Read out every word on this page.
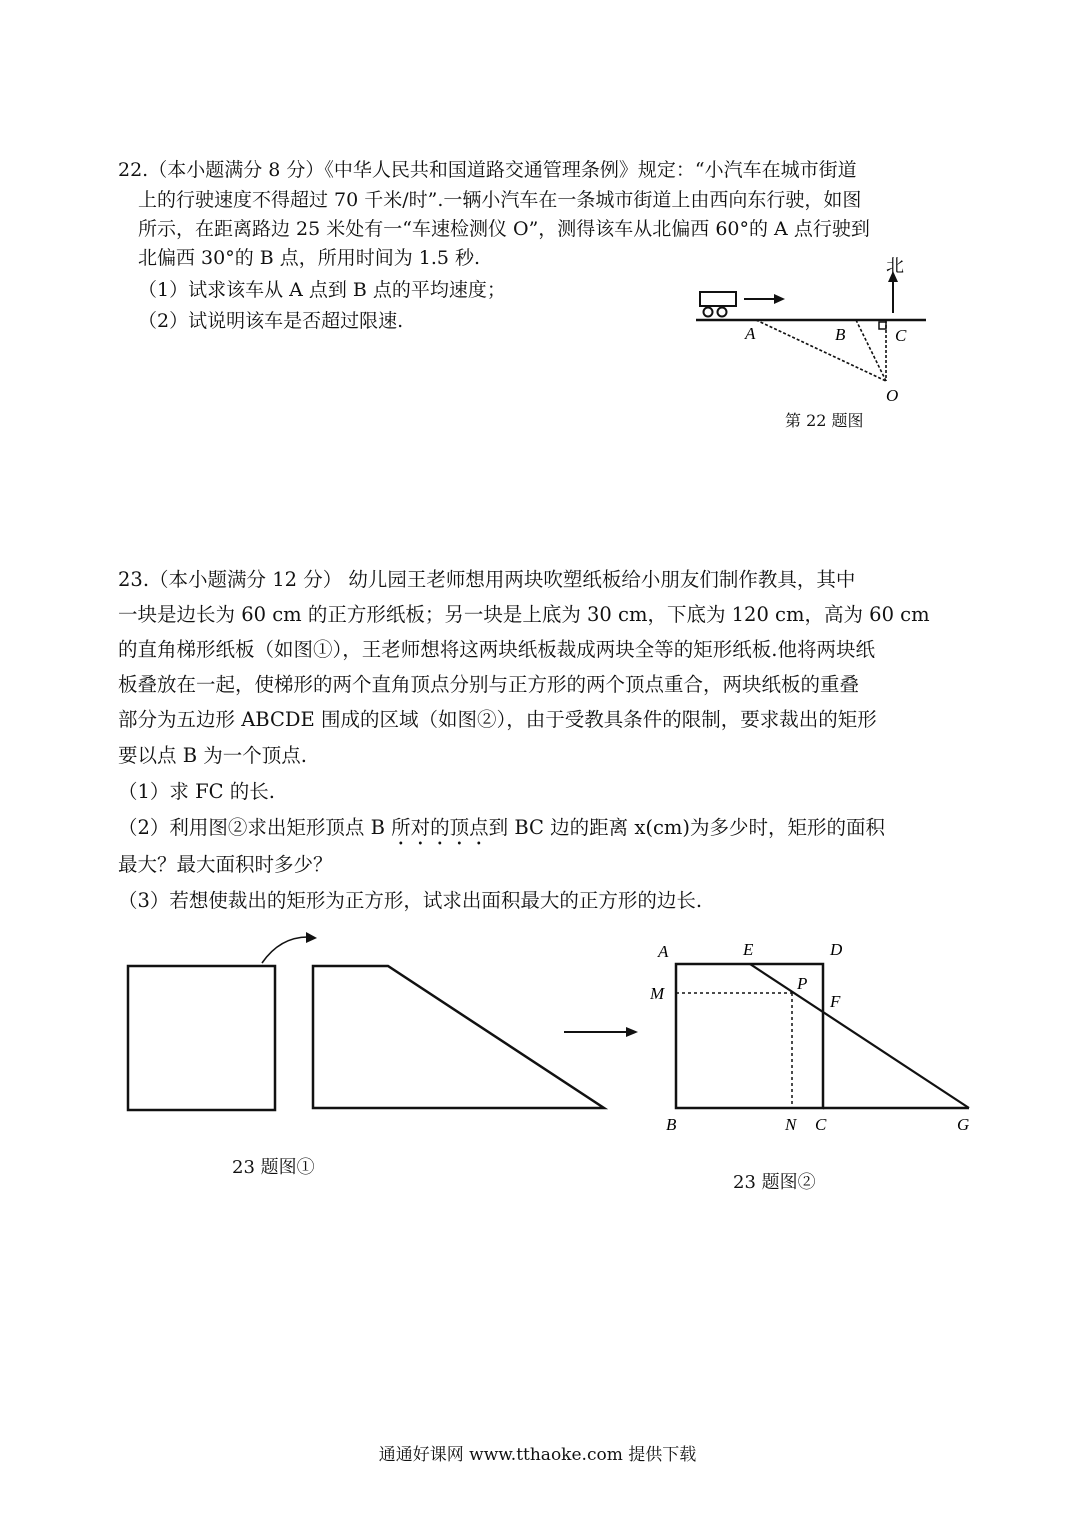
22.（本小题满分 8 分）《中华人民共和国道路交通管理条例》规定：“小汽车在城市街道
上的行驶速度不得超过 70 千米/时”.一辆小汽车在一条城市街道上由西向东行驶，如图
所示，在距离路边 25 米处有一“车速检测仪 O”，测得该车从北偏西 60°的 A 点行驶到
北偏西 30°的 B 点，所用时间为 1.5 秒.
（1）试求该车从 A 点到 B 点的平均速度；
（2）试说明该车是否超过限速.
北
A	B	C
O
第 22 题图
23.（本小题满分 12 分） 幼儿园王老师想用两块吹塑纸板给小朋友们制作教具，其中
一块是边长为 60 cm 的正方形纸板；另一块是上底为 30 cm，下底为 120 cm，高为 60 cm
的直角梯形纸板（如图①），王老师想将这两块纸板裁成两块全等的矩形纸板.他将两块纸
板叠放在一起，使梯形的两个直角顶点分别与正方形的两个顶点重合，两块纸板的重叠
部分为五边形 ABCDE 围成的区域（如图②），由于受教具条件的限制，要求裁出的矩形
要以点 B 为一个顶点.
（1）求 FC 的长.
（2）利用图②求出矩形顶点 B 所对的顶点到 BC 边的距离 x(cm)为多少时，矩形的面积
最大？最大面积时多少？
（3）若想使裁出的矩形为正方形，试求出面积最大的正方形的边长.
23 题图①
A	E	D
P
M	F
B	N C	G
23 题图②
通通好课网 www.tthaoke.com 提供下载
